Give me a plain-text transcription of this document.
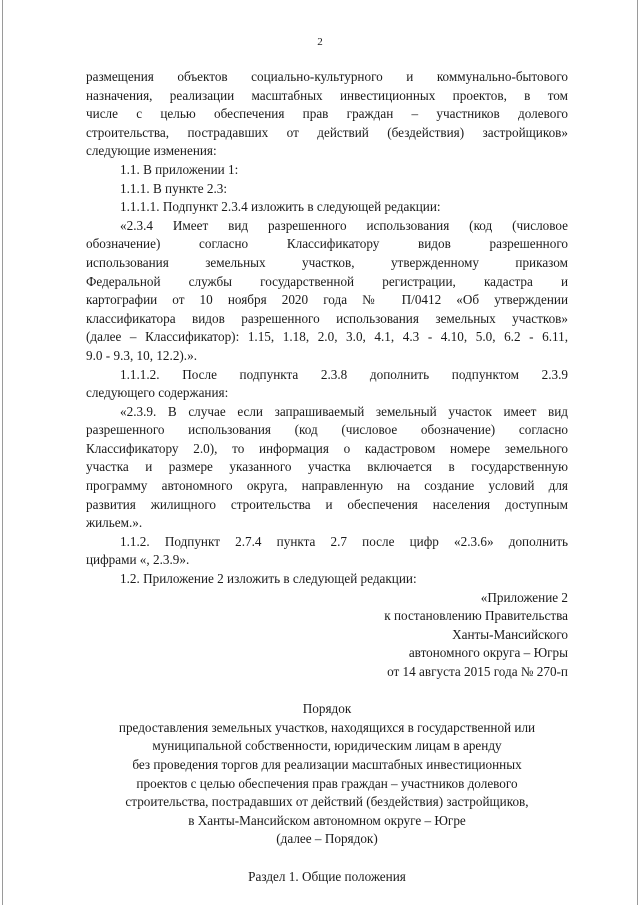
2

размещения объектов социально-культурного и коммунально-бытового

назначения, реализации масштабных инвестиционных проектов, в том

числе с целью обеспечения прав граждан – участников долевого

строительства, пострадавших от действий (бездействия) застройщиков»

следующие изменения:

1.1. В приложении 1:

1.1.1. В пункте 2.3:

1.1.1.1. Подпункт 2.3.4 изложить в следующей редакции:

«2.3.4 Имеет вид разрешенного использования (код (числовое

обозначение) согласно Классификатору видов разрешенного

использования земельных участков, утвержденному приказом

Федеральной службы государственной регистрации, кадастра и

картографии от 10 ноября 2020 года № П/0412 «Об утверждении

классификатора видов разрешенного использования земельных участков»

(далее – Классификатор): 1.15, 1.18, 2.0, 3.0, 4.1, 4.3 - 4.10, 5.0, 6.2 - 6.11,

9.0 - 9.3, 10, 12.2).».

1.1.1.2. После подпункта 2.3.8 дополнить подпунктом 2.3.9

следующего содержания:

«2.3.9. В случае если запрашиваемый земельный участок имеет вид

разрешенного использования (код (числовое обозначение) согласно

Классификатору 2.0), то информация о кадастровом номере земельного

участка и размере указанного участка включается в государственную

программу автономного округа, направленную на создание условий для

развития жилищного строительства и обеспечения населения доступным

жильем.».

1.1.2. Подпункт 2.7.4 пункта 2.7 после цифр «2.3.6» дополнить

цифрами «, 2.3.9».

1.2. Приложение 2 изложить в следующей редакции:

«Приложение 2

к постановлению Правительства

Ханты-Мансийского

автономного округа – Югры

от 14 августа 2015 года № 270-п

Порядок

предоставления земельных участков, находящихся в государственной или

муниципальной собственности, юридическим лицам в аренду

без проведения торгов для реализации масштабных инвестиционных

проектов с целью обеспечения прав граждан – участников долевого

строительства, пострадавших от действий (бездействия) застройщиков,

в Ханты-Мансийском автономном округе – Югре

(далее – Порядок)

Раздел 1. Общие положения
